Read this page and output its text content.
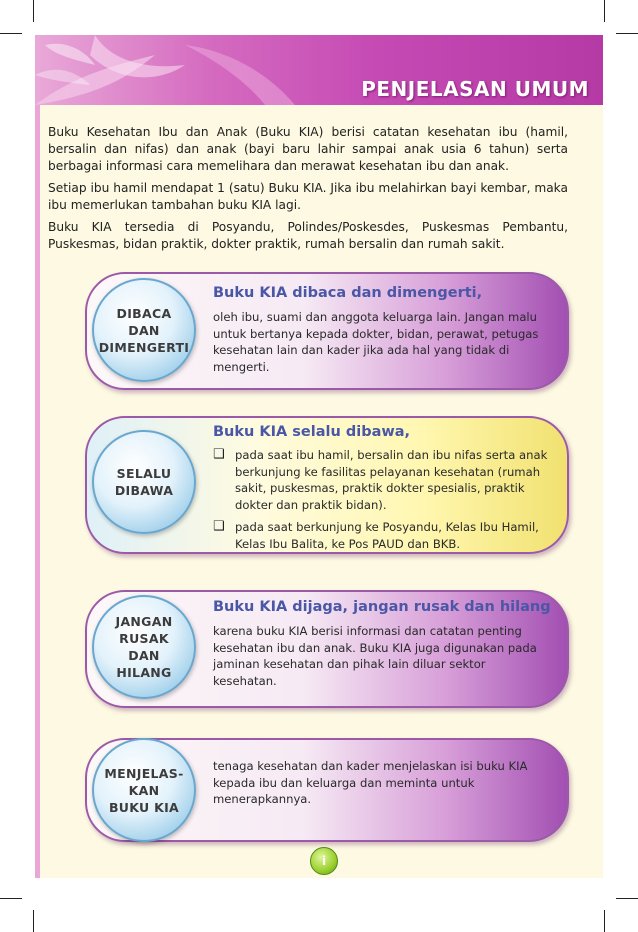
PENJELASAN UMUM

Buku Kesehatan Ibu dan Anak (Buku KIA) berisi catatan kesehatan ibu (hamil, bersalin dan nifas) dan anak (bayi baru lahir sampai anak usia 6 tahun) serta berbagai informasi cara memelihara dan merawat kesehatan ibu dan anak.

Setiap ibu hamil mendapat 1 (satu) Buku KIA. Jika ibu melahirkan bayi kembar, maka ibu memerlukan tambahan buku KIA lagi.

Buku KIA tersedia di Posyandu, Polindes/Poskesdes, Puskesmas Pembantu, Puskesmas, bidan praktik, dokter praktik, rumah bersalin dan rumah sakit.

DIBACA
DAN
DIMENGERTI
Buku KIA dibaca dan dimengerti,
oleh ibu, suami dan anggota keluarga lain. Jangan malu untuk bertanya kepada dokter, bidan, perawat, petugas kesehatan lain dan kader jika ada hal yang tidak di mengerti.
SELALU
DIBAWA
Buku KIA selalu dibawa,
❑ pada saat ibu hamil, bersalin dan ibu nifas serta anak berkunjung ke fasilitas pelayanan kesehatan (rumah sakit, puskesmas, praktik dokter spesialis, praktik dokter dan praktik bidan).
❑ pada saat berkunjung ke Posyandu, Kelas Ibu Hamil, Kelas Ibu Balita, ke Pos PAUD dan BKB.
JANGAN
RUSAK
DAN
HILANG
Buku KIA dijaga, jangan rusak dan hilang
karena buku KIA berisi informasi dan catatan penting kesehatan ibu dan anak. Buku KIA juga digunakan pada jaminan kesehatan dan pihak lain diluar sektor kesehatan.
MENJELAS-
KAN
BUKU KIA
tenaga kesehatan dan kader menjelaskan isi buku KIA kepada ibu dan keluarga dan meminta untuk menerapkannya.
i
